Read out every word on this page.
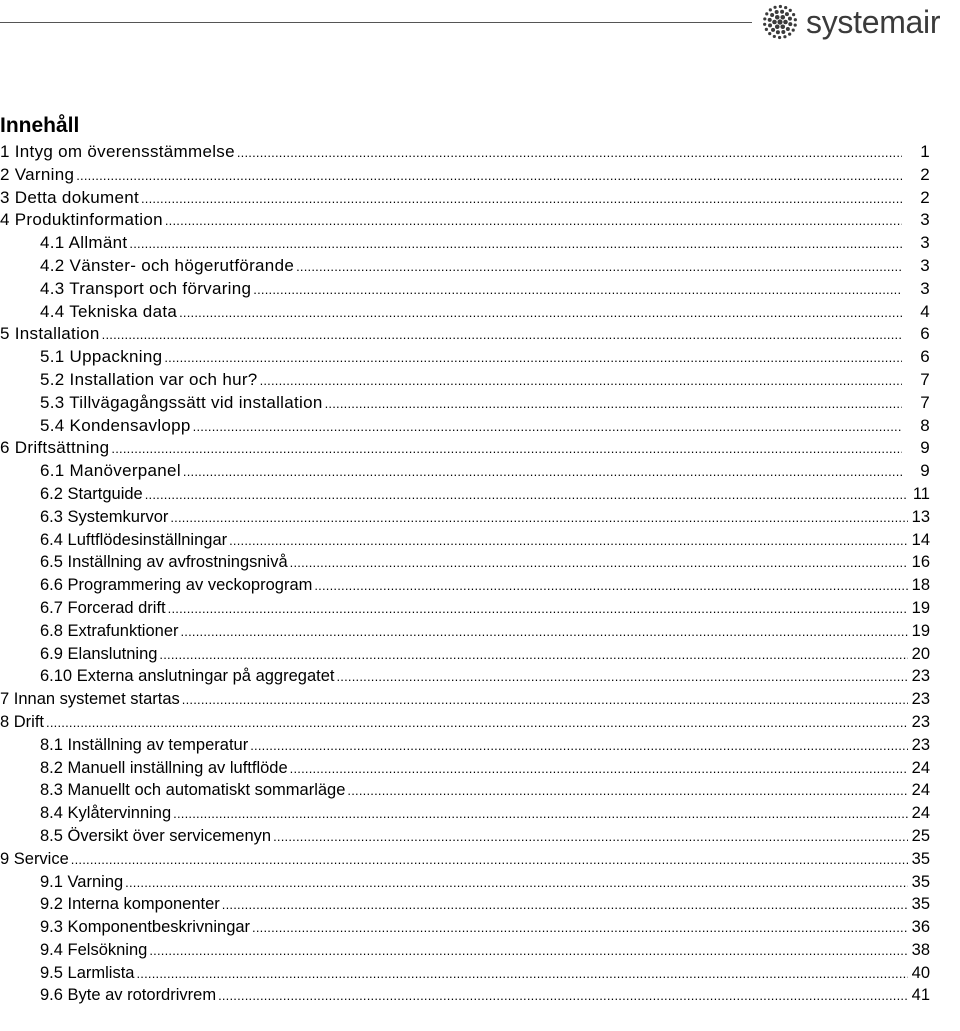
systemair
Innehåll
1 Intyg om överensstämmelse .....	1
2 Varning .....	2
3 Detta dokument .....	2
4 Produktinformation .....	3
4.1 Allmänt .....	3
4.2 Vänster- och högerutförande .....	3
4.3 Transport och förvaring .....	3
4.4 Tekniska data .....	4
5 Installation .....	6
5.1 Uppackning .....	6
5.2 Installation var och hur? .....	7
5.3 Tillvägagångssätt vid installation .....	7
5.4 Kondensavlopp .....	8
6 Driftsättning .....	9
6.1 Manöverpanel .....	9
6.2 Startguide .....	11
6.3 Systemkurvor .....	13
6.4 Luftflödesinställningar .....	14
6.5 Inställning av avfrostningsnivå .....	16
6.6 Programmering av veckoprogram .....	18
6.7 Forcerad drift .....	19
6.8 Extrafunktioner .....	19
6.9 Elanslutning .....	20
6.10 Externa anslutningar på aggregatet .....	23
7 Innan systemet startas .....	23
8 Drift .....	23
8.1 Inställning av temperatur .....	23
8.2 Manuell inställning av luftflöde .....	24
8.3 Manuellt och automatiskt sommarläge .....	24
8.4 Kylåtervinning .....	24
8.5 Översikt över servicemenyn .....	25
9 Service .....	35
9.1 Varning .....	35
9.2 Interna komponenter .....	35
9.3 Komponentbeskrivningar .....	36
9.4 Felsökning .....	38
9.5 Larmlista .....	40
9.6 Byte av rotordrivrem .....	41
